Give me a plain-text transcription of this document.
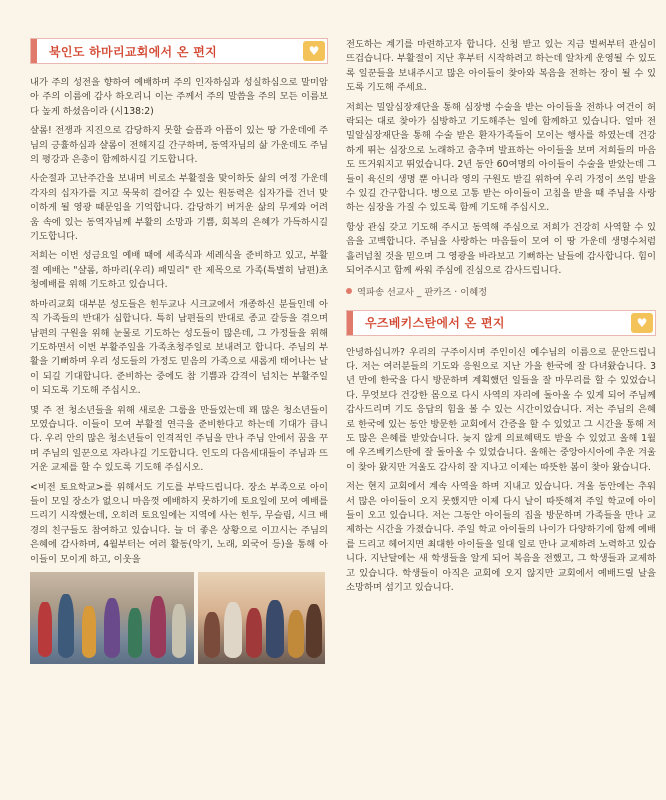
북인도 하마리교회에서 온 편지	♥

내가 주의 성전을 향하여 예배하며 주의 인자하심과 성실하심으로 말미암아 주의 이름에 감사 하오리니 이는 주께서 주의 말씀을 주의 모든 이름보다 높게 하셨음이라 (시138:2)

샬롬! 전쟁과 지진으로 감당하지 못할 슬픔과 아픔이 있는 땅 가운데에 주님의 긍휼하심과 샬롬이 전해지길 간구하며, 동역자님의 삶 가운데도 주님의 평강과 은총이 함께하시길 기도합니다.

사순절과 고난주간을 보내며 비로소 부활절을 맞이하듯 삶의 여정 가운데 각자의 십자가를 지고 묵묵히 걸어갈 수 있는 원동력은 십자가를 건너 맞이하게 될 영광 때문임을 기억합니다. 감당하기 버거운 삶의 무게와 어려움 속에 있는 동역자님께 부활의 소망과 기쁨, 회복의 은혜가 가득하시길 기도합니다.

저희는 이번 성금요일 예배 때에 세족식과 세례식을 준비하고 있고, 부활절 예배는 "샬롬, 하마리(우리) 패밀리" 란 제목으로 가족(특별히 남편)초청예배를 위해 기도하고 있습니다.

하마리교회 대부분 성도들은 힌두교나 시크교에서 개종하신 분들인데 아직 가족들의 반대가 심합니다. 특히 남편들의 반대로 종교 갈등을 겪으며 남편의 구원을 위해 눈물로 기도하는 성도들이 많은데, 그 가정들을 위해 기도하면서 이번 부활주일을 가족초청주일로 보내려고 합니다. 주님의 부활을 기뻐하며 우리 성도들의 가정도 믿음의 가족으로 새롭게 태어나는 날이 되길 기대합니다. 준비하는 중에도 참 기쁨과 감격이 넘치는 부활주일이 되도록 기도해 주십시오.

몇 주 전 청소년들을 위해 새로운 그룹을 만들었는데 꽤 많은 청소년들이 모였습니다. 이들이 모여 부활절 연극을 준비한다고 하는데 기대가 큽니다. 우리 안의 많은 청소년들이 인격적인 주님을 만나 주님 안에서 꿈을 꾸며 주님의 일꾼으로 자라나길 기도합니다. 인도의 다음세대들이 주님과 뜨거운 교제를 할 수 있도록 기도해 주십시오.

<비전 토요학교>를 위해서도 기도를 부탁드립니다. 장소 부족으로 아이들이 모일 장소가 없으니 마음껏 예배하지 못하기에 토요일에 모여 예배를 드리기 시작했는데, 오히려 토요일에는 지역에 사는 힌두, 무슬림, 시크 배경의 친구들도 참여하고 있습니다. 늘 더 좋은 상황으로 이끄시는 주님의 은혜에 감사하며, 4월부터는 여러 활동(악기, 노래, 외국어 등)을 통해 아이들이 모이게 하고, 이웃을

전도하는 계기를 마련하고자 합니다. 신청 받고 있는 지금 벌써부터 관심이 뜨겁습니다. 부활절이 지난 후부터 시작하려고 하는데 알차게 운영될 수 있도록 일꾼들을 보내주시고 많은 아이들이 찾아와 복음을 전하는 장이 될 수 있도록 기도해 주세요.

저희는 밀알심장재단을 통해 심장병 수술을 받는 아이들을 전하나 여건이 허락되는 대로 찾아가 심방하고 기도해주는 일에 함께하고 있습니다. 얼마 전 밀알심장재단을 통해 수술 받은 환자가족들이 모이는 행사를 하였는데 건강하게 뛰는 심장으로 노래하고 춤추며 발표하는 아이들을 보며 저희들의 마음도 뜨거워지고 뛰었습니다. 2년 동안 60여명의 아이들이 수술을 받았는데 그들이 육신의 생명 뿐 아니라 영의 구원도 받길 위하여 우리 가정이 쓰임 받을 수 있길 간구합니다. 병으로 고통 받는 아이들이 고침을 받을 때 주님을 사랑하는 심장을 가질 수 있도록 함께 기도해 주십시오.

항상 관심 갖고 기도해 주시고 동역해 주심으로 저희가 건강히 사역할 수 있음을 고백합니다. 주님을 사랑하는 마음들이 모여 이 땅 가운데 생명수처럼 흘러넘칠 것을 믿으며 그 영광을 바라보고 기뻐하는 날들에 감사합니다. 힘이 되어주시고 함께 싸워 주심에 진심으로 감사드립니다.

역파송 선교사 _ 판카즈 · 이혜정
우즈베키스탄에서 온 편지	♥

안녕하십니까? 우리의 구주이시며 주인이신 예수님의 이름으로 문안드립니다. 저는 여러분들의 기도와 응원으로 지난 가을 한국에 잘 다녀왔습니다. 3년 만에 한국을 다시 방문하며 계획했던 일들을 잘 마무리를 할 수 있었습니다. 무엇보다 건강한 몸으로 다시 사역의 자리에 돌아올 수 있게 되어 주님께 감사드리며 기도 응답의 힘을 볼 수 있는 시간이었습니다. 저는 주님의 은혜로 한국에 있는 동안 방문한 교회에서 간증을 할 수 있었고 그 시간을 통해 저도 많은 은혜를 받았습니다. 늦지 않게 의료혜택도 받을 수 있었고 올해 1월에 우즈베키스탄에 잘 돌아올 수 있었습니다. 올해는 중앙아시아에 추운 겨울이 찾아 왔지만 겨울도 감사히 잘 지나고 이제는 따뜻한 봄이 찾아 왔습니다.

저는 현지 교회에서 계속 사역을 하며 지내고 있습니다. 겨울 동안에는 추워서 많은 아이들이 오지 못했지만 이제 다시 날이 따뜻해져 주일 학교에 아이들이 오고 있습니다. 저는 그동안 아이들의 집을 방문하며 가족들을 만나 교제하는 시간을 가졌습니다. 주일 학교 아이들의 나이가 다양하기에 함께 예배를 드리고 헤어지면 최대한 아이들을 일대 일로 만나 교제하려 노력하고 있습니다. 지난달에는 새 학생들을 알게 되어 복음을 전했고, 그 학생들과 교제하고 있습니다. 학생들이 아직은 교회에 오지 않지만 교회에서 예배드릴 날을 소망하며 섬기고 있습니다.
